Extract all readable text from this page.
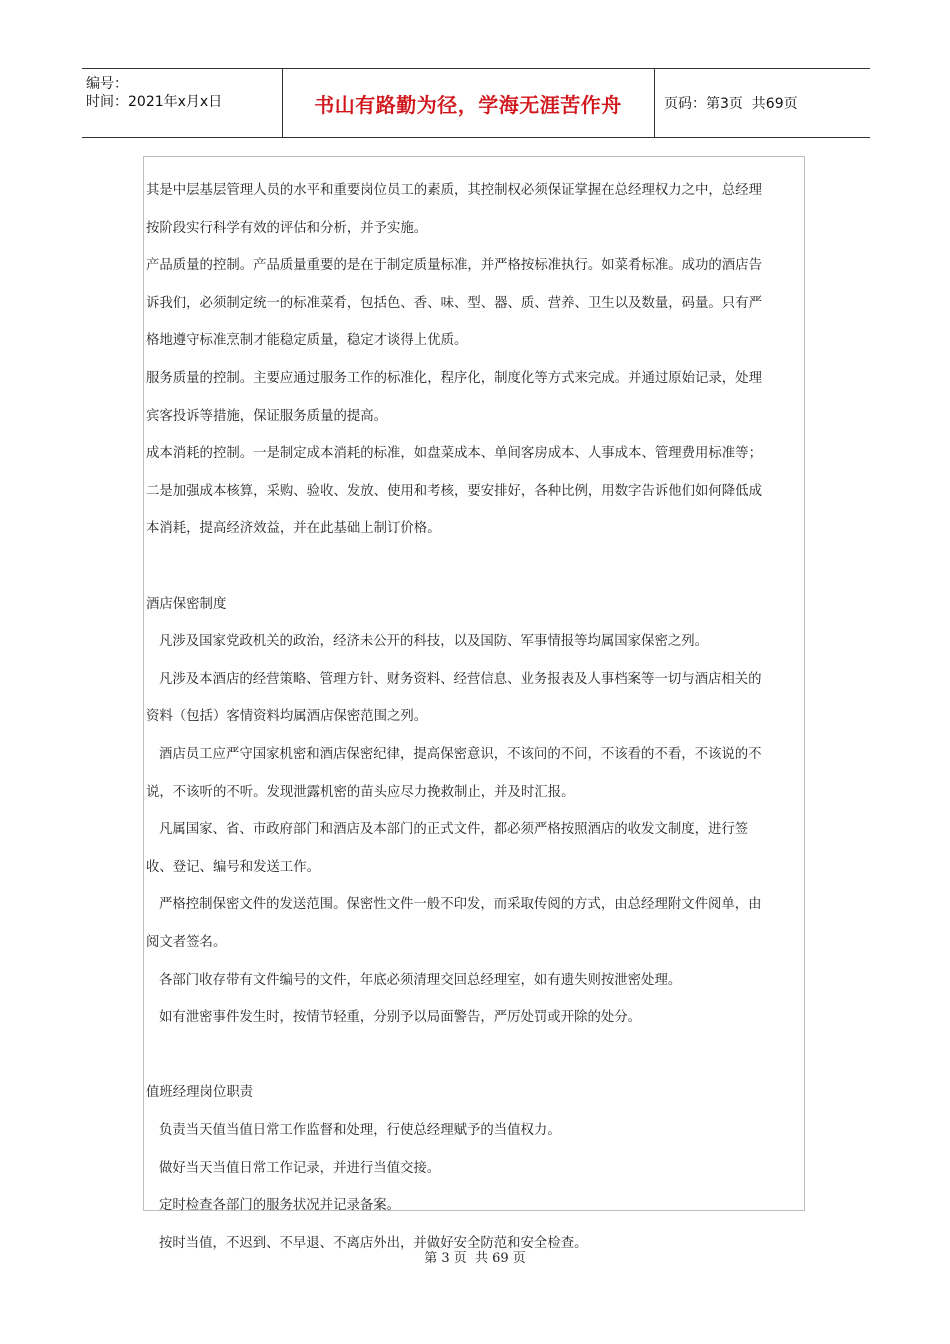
编号：
时间：2021年x月x日	书山有路勤为径，学海无涯苦作舟	页码：第3页  共69页
其是中层基层管理人员的水平和重要岗位员工的素质，其控制权必须保证掌握在总经理权力之中，总经理
按阶段实行科学有效的评估和分析，并予实施。
产品质量的控制。产品质量重要的是在于制定质量标准，并严格按标准执行。如菜肴标准。成功的酒店告
诉我们，必须制定统一的标准菜肴，包括色、香、味、型、器、质、营养、卫生以及数量，码量。只有严
格地遵守标准烹制才能稳定质量，稳定才谈得上优质。
服务质量的控制。主要应通过服务工作的标准化，程序化，制度化等方式来完成。并通过原始记录，处理
宾客投诉等措施，保证服务质量的提高。
成本消耗的控制。一是制定成本消耗的标准，如盘菜成本、单间客房成本、人事成本、管理费用标准等；
二是加强成本核算，采购、验收、发放、使用和考核，要安排好，各种比例，用数字告诉他们如何降低成
本消耗，提高经济效益，并在此基础上制订价格。
酒店保密制度
凡涉及国家党政机关的政治，经济未公开的科技，以及国防、军事情报等均属国家保密之列。
凡涉及本酒店的经营策略、管理方针、财务资料、经营信息、业务报表及人事档案等一切与酒店相关的
资料（包括）客情资料均属酒店保密范围之列。
酒店员工应严守国家机密和酒店保密纪律，提高保密意识，不该问的不问，不该看的不看，不该说的不
说，不该听的不听。发现泄露机密的苗头应尽力挽救制止，并及时汇报。
凡属国家、省、市政府部门和酒店及本部门的正式文件，都必须严格按照酒店的收发文制度，进行签
收、登记、编号和发送工作。
严格控制保密文件的发送范围。保密性文件一般不印发，而采取传阅的方式，由总经理附文件阅单，由
阅文者签名。
各部门收存带有文件编号的文件，年底必须清理交回总经理室，如有遗失则按泄密处理。
如有泄密事件发生时，按情节轻重，分别予以局面警告，严厉处罚或开除的处分。
值班经理岗位职责
负责当天值当值日常工作监督和处理，行使总经理赋予的当值权力。
做好当天当值日常工作记录，并进行当值交接。
定时检查各部门的服务状况并记录备案。
按时当值，不迟到、不早退、不离店外出，并做好安全防范和安全检查。
第 3 页  共 69 页
